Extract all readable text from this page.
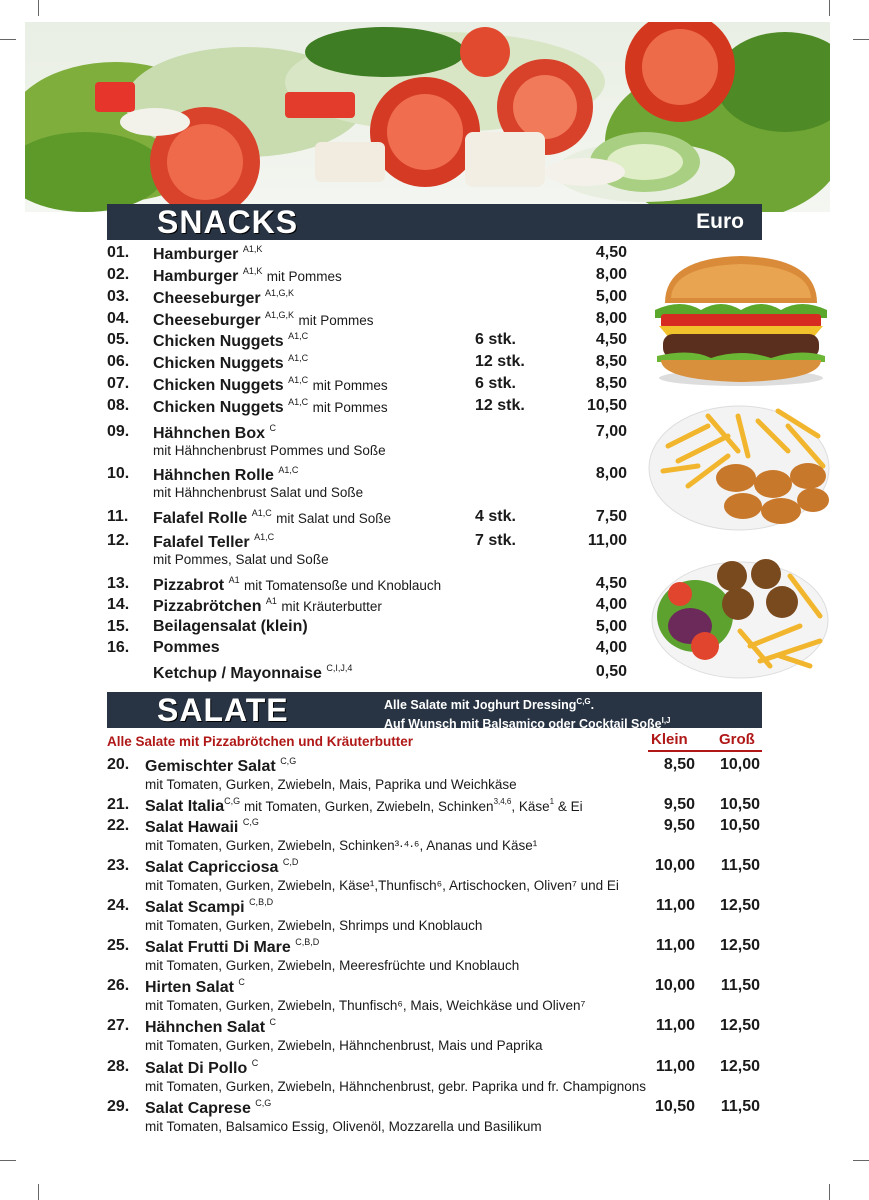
SNACKS	Euro
01. Hamburger $^{A1,K}$	4,50
02. Hamburger $^{A1,K}$ mit Pommes	8,00
03. Cheeseburger $^{A1,G,K}$	5,00
04. Cheeseburger $^{A1,G,K}$ mit Pommes	8,00
05. Chicken Nuggets $^{A1,C}$	6 stk.	4,50
06. Chicken Nuggets $^{A1,C}$	12 stk.	8,50
07. Chicken Nuggets $^{A1,C}$ mit Pommes	6 stk.	8,50
08. Chicken Nuggets $^{A1,C}$ mit Pommes	12 stk.	10,50
09. Hähnchen Box $^C$	7,00
mit Hähnchenbrust Pommes und Soße
10. Hähnchen Rolle $^{A1,C}$	8,00
mit Hähnchenbrust Salat und Soße
11. Falafel Rolle $^{A1,C}$ mit Salat und Soße	4 stk.	7,50
12. Falafel Teller $^{A1,C}$	7 stk.	11,00
mit Pommes, Salat und Soße
13. Pizzabrot $^{A1}$ mit Tomatensoße und Knoblauch	4,50
14. Pizzabrötchen $^{A1}$ mit Kräuterbutter	4,00
15. Beilagensalat (klein)	5,00
16. Pommes	4,00
Ketchup / Mayonnaise $^{C,I,J,4}$	0,50
SALATE	Alle Salate mit Joghurt Dressing$^{C,G}$.
Auf Wunsch mit Balsamico oder Cocktail Soße$^{I,J}$
Alle Salate mit Pizzabrötchen und Kräuterbutter	Klein Groß
20. Gemischter Salat $^{C,G}$	8,50 10,00
mit Tomaten, Gurken, Zwiebeln, Mais, Paprika und Weichkäse
21. Salat Italia$^{C,G}$ mit Tomaten, Gurken, Zwiebeln, Schinken$^{3,4,6}$, Käse$^1$ & Ei	9,50 10,50
22. Salat Hawaii $^{C,G}$	9,50 10,50
mit Tomaten, Gurken, Zwiebeln, Schinken³·⁴·⁶, Ananas und Käse¹
23. Salat Capricciosa $^{C,D}$	10,00 11,50
mit Tomaten, Gurken, Zwiebeln, Käse¹,Thunfisch⁶, Artischocken, Oliven⁷ und Ei
24. Salat Scampi $^{C,B,D}$	11,00 12,50
mit Tomaten, Gurken, Zwiebeln, Shrimps und Knoblauch
25. Salat Frutti Di Mare $^{C,B,D}$	11,00 12,50
mit Tomaten, Gurken, Zwiebeln, Meeresfrüchte und Knoblauch
26. Hirten Salat $^C$	10,00 11,50
mit Tomaten, Gurken, Zwiebeln, Thunfisch⁶, Mais, Weichkäse und Oliven⁷
27. Hähnchen Salat $^C$	11,00 12,50
mit Tomaten, Gurken, Zwiebeln, Hähnchenbrust, Mais und Paprika
28. Salat Di Pollo $^C$	11,00 12,50
mit Tomaten, Gurken, Zwiebeln, Hähnchenbrust, gebr. Paprika und fr. Champignons
29. Salat Caprese $^{C,G}$	10,50 11,50
mit Tomaten, Balsamico Essig, Olivenöl, Mozzarella und Basilikum
